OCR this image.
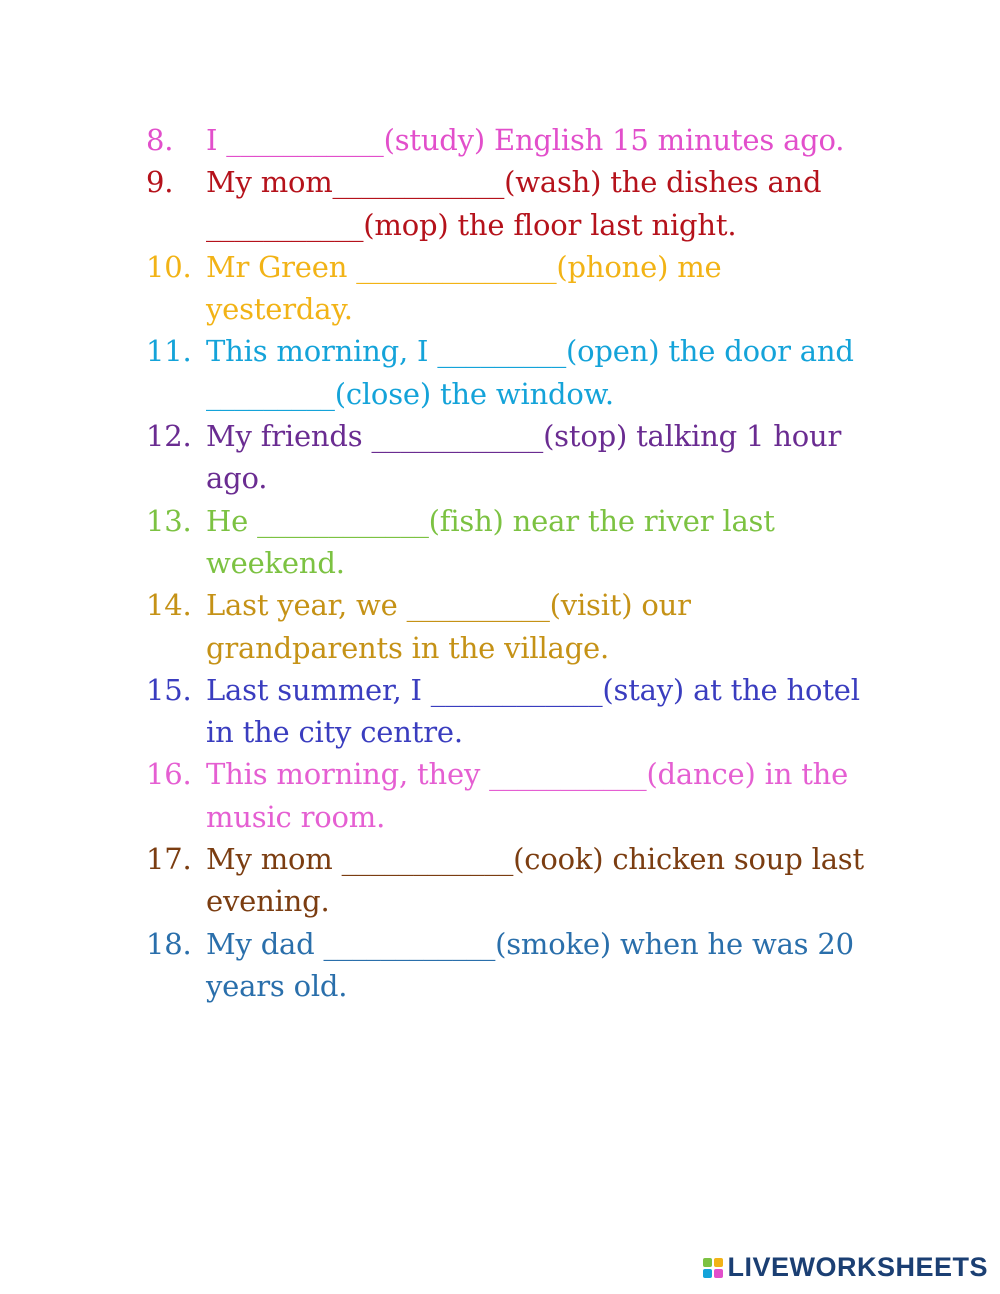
8.	I ___________(study) English 15 minutes ago.
9.	My mom____________(wash) the dishes and ___________(mop) the floor last night.
10. Mr Green ______________(phone) me yesterday.
11. This morning, I _________(open) the door and _________(close) the window.
12. My friends ____________(stop) talking 1 hour ago.
13. He ____________(fish) near the river last weekend.
14. Last year, we __________(visit) our grandparents in the village.
15. Last summer, I ____________(stay) at the hotel in the city centre.
16. This morning, they ___________(dance) in the music room.
17. My mom ____________(cook) chicken soup last evening.
18. My dad ____________(smoke) when he was 20 years old.
LIVEWORKSHEETS
